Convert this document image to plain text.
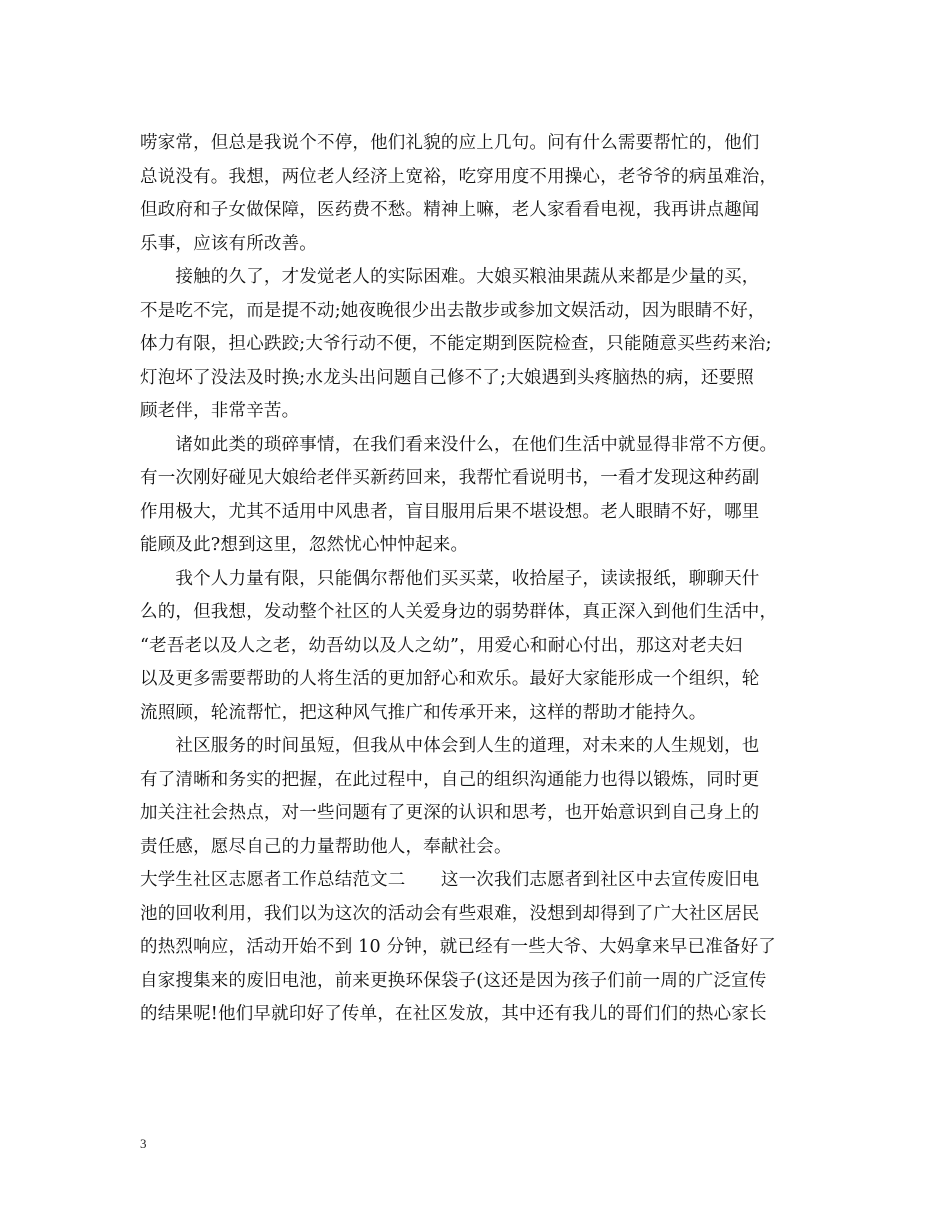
唠家常，但总是我说个不停，他们礼貌的应上几句。问有什么需要帮忙的，他们
总说没有。我想，两位老人经济上宽裕，吃穿用度不用操心，老爷爷的病虽难治，
但政府和子女做保障，医药费不愁。精神上嘛，老人家看看电视，我再讲点趣闻
乐事，应该有所改善。
　　接触的久了，才发觉老人的实际困难。大娘买粮油果蔬从来都是少量的买，
不是吃不完，而是提不动;她夜晚很少出去散步或参加文娱活动，因为眼睛不好，
体力有限，担心跌跤;大爷行动不便，不能定期到医院检查，只能随意买些药来治;
灯泡坏了没法及时换;水龙头出问题自己修不了;大娘遇到头疼脑热的病，还要照
顾老伴，非常辛苦。
　　诸如此类的琐碎事情，在我们看来没什么，在他们生活中就显得非常不方便。
有一次刚好碰见大娘给老伴买新药回来，我帮忙看说明书，一看才发现这种药副
作用极大，尤其不适用中风患者，盲目服用后果不堪设想。老人眼睛不好，哪里
能顾及此?想到这里，忽然忧心忡忡起来。
　　我个人力量有限，只能偶尔帮他们买买菜，收拾屋子，读读报纸，聊聊天什
么的，但我想，发动整个社区的人关爱身边的弱势群体，真正深入到他们生活中，
“老吾老以及人之老，幼吾幼以及人之幼”，用爱心和耐心付出，那这对老夫妇
以及更多需要帮助的人将生活的更加舒心和欢乐。最好大家能形成一个组织，轮
流照顾，轮流帮忙，把这种风气推广和传承开来，这样的帮助才能持久。
　　社区服务的时间虽短，但我从中体会到人生的道理，对未来的人生规划，也
有了清晰和务实的把握，在此过程中，自己的组织沟通能力也得以锻炼，同时更
加关注社会热点，对一些问题有了更深的认识和思考，也开始意识到自己身上的
责任感，愿尽自己的力量帮助他人，奉献社会。
大学生社区志愿者工作总结范文二　　这一次我们志愿者到社区中去宣传废旧电
池的回收利用，我们以为这次的活动会有些艰难，没想到却得到了广大社区居民
的热烈响应，活动开始不到 10 分钟，就已经有一些大爷、大妈拿来早已准备好了
自家搜集来的废旧电池，前来更换环保袋子(这还是因为孩子们前一周的广泛宣传
的结果呢!他们早就印好了传单，在社区发放，其中还有我儿的哥们们的热心家长
3
